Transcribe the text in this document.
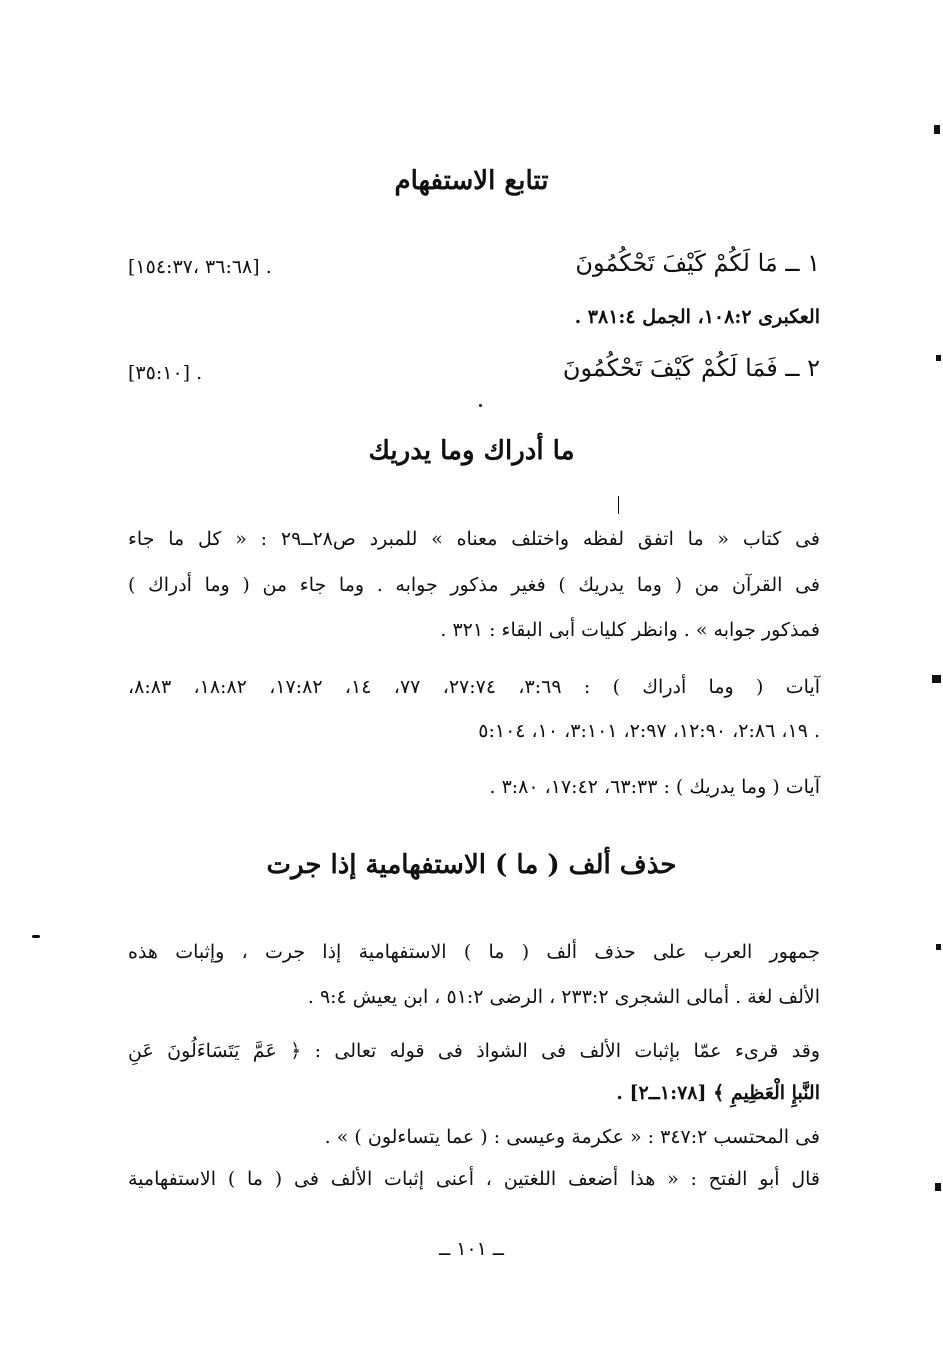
تتابع الاستفهام
١ ــ مَا لَكُمْ كَيْفَ تَحْكُمُونَ
[٣٦:٦٨ ،١٥٤:٣٧] .
العكبرى ١٠٨:٢، الجمل ٣٨١:٤ .
٢ ــ فَمَا لَكُمْ كَيْفَ تَحْكُمُونَ
[٣٥:١٠] .
ما أدراك وما يدريك
فى كتاب « ما اتفق لفظه واختلف معناه » للمبرد ص٢٨ــ٢٩ : « كل ما جاء
فى القرآن من ( وما يدريك ) فغير مذكور جوابه . وما جاء من ( وما أدراك )
فمذكور جوابه » . وانظر كليات أبى البقاء : ٣٢١ .
آيات ( وما أدراك ) : ٣:٦٩، ٢٧:٧٤، ٧٧، ١٤، ١٧:٨٢، ١٨:٨٢، ٨:٨٣،
١٩، ٢:٨٦، ١٢:٩٠، ٢:٩٧، ٣:١٠١، ١٠، ٥:١٠٤ .
آيات ( وما يدريك ) : ٦٣:٣٣، ١٧:٤٢، ٣:٨٠ .
حذف ألف ( ما ) الاستفهامية إذا جرت
جمهور العرب على حذف ألف ( ما ) الاستفهامية إذا جرت ، وإثبات هذه
الألف لغة . أمالى الشجرى ٢٣٣:٢ ، الرضى ٥١:٢ ، ابن يعيش ٩:٤ .
وقد قرىء عمّا بإثبات الألف فى الشواذ فى قوله تعالى : ﴿ عَمَّ يَتَسَاءَلُونَ عَنِ
النَّبإِ الْعَظِيمِ ﴾ [١:٧٨ــ٢] .
فى المحتسب ٣٤٧:٢ : « عكرمة وعيسى : ( عما يتساءلون ) » .
قال أبو الفتح : « هذا أضعف اللغتين ، أعنى إثبات الألف فى ( ما ) الاستفهامية
ــ ١٠١ ــ
